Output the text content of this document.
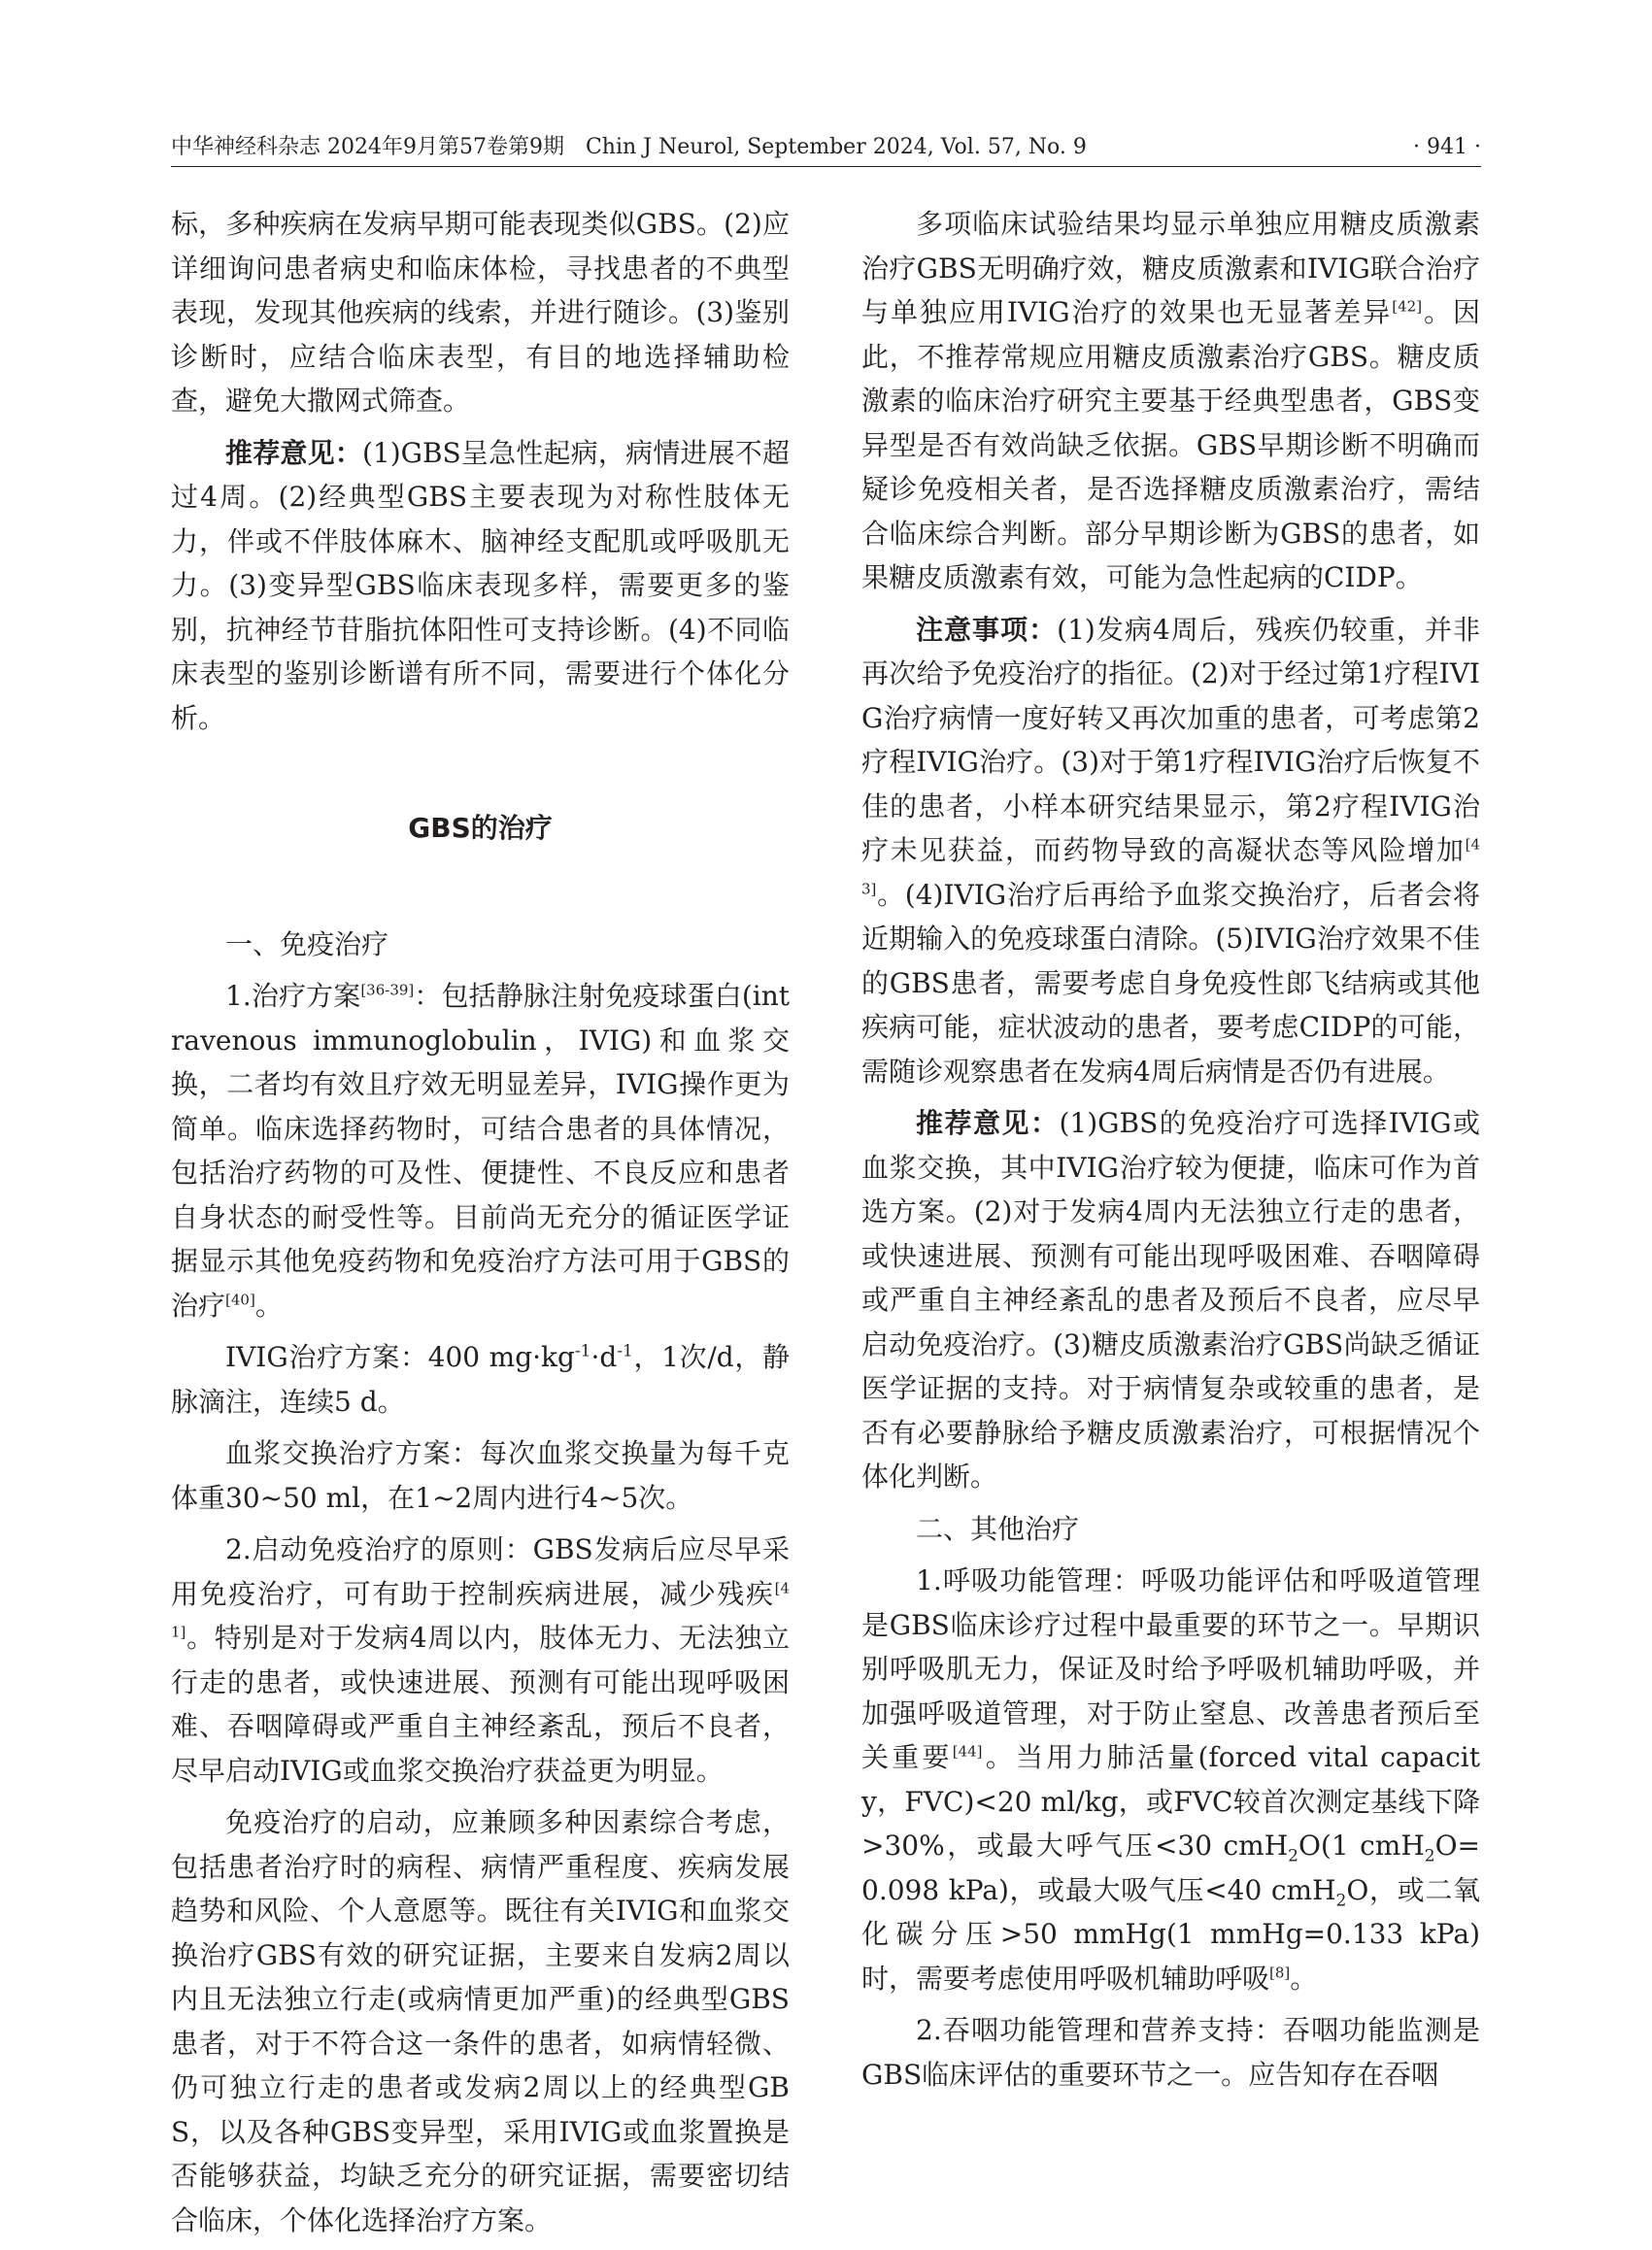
中华神经科杂志 2024年9月第57卷第9期　Chin J Neurol, September 2024, Vol. 57, No. 9	· 941 ·

标，多种疾病在发病早期可能表现类似GBS。(2)应详细询问患者病史和临床体检，寻找患者的不典型表现，发现其他疾病的线索，并进行随诊。(3)鉴别诊断时，应结合临床表型，有目的地选择辅助检查，避免大撒网式筛查。

推荐意见：(1)GBS呈急性起病，病情进展不超过4周。(2)经典型GBS主要表现为对称性肢体无力，伴或不伴肢体麻木、脑神经支配肌或呼吸肌无力。(3)变异型GBS临床表现多样，需要更多的鉴别，抗神经节苷脂抗体阳性可支持诊断。(4)不同临床表型的鉴别诊断谱有所不同，需要进行个体化分析。

GBS的治疗

一、免疫治疗

1.治疗方案[36-39]：包括静脉注射免疫球蛋白(intravenous immunoglobulin，IVIG)和血浆交换，二者均有效且疗效无明显差异，IVIG操作更为简单。临床选择药物时，可结合患者的具体情况，包括治疗药物的可及性、便捷性、不良反应和患者自身状态的耐受性等。目前尚无充分的循证医学证据显示其他免疫药物和免疫治疗方法可用于GBS的治疗[40]。

IVIG治疗方案：400 $mg\cdot kg^{-1}\cdot d^{-1}$，1次/d，静脉滴注，连续5 d。

血浆交换治疗方案：每次血浆交换量为每千克体重30~50 ml，在1~2周内进行4~5次。

2.启动免疫治疗的原则：GBS发病后应尽早采用免疫治疗，可有助于控制疾病进展，减少残疾[41]。特别是对于发病4周以内，肢体无力、无法独立行走的患者，或快速进展、预测有可能出现呼吸困难、吞咽障碍或严重自主神经紊乱，预后不良者，尽早启动IVIG或血浆交换治疗获益更为明显。

免疫治疗的启动，应兼顾多种因素综合考虑，包括患者治疗时的病程、病情严重程度、疾病发展趋势和风险、个人意愿等。既往有关IVIG和血浆交换治疗GBS有效的研究证据，主要来自发病2周以内且无法独立行走(或病情更加严重)的经典型GBS患者，对于不符合这一条件的患者，如病情轻微、仍可独立行走的患者或发病2周以上的经典型GBS，以及各种GBS变异型，采用IVIG或血浆置换是否能够获益，均缺乏充分的研究证据，需要密切结合临床，个体化选择治疗方案。

多项临床试验结果均显示单独应用糖皮质激素治疗GBS无明确疗效，糖皮质激素和IVIG联合治疗与单独应用IVIG治疗的效果也无显著差异[42]。因此，不推荐常规应用糖皮质激素治疗GBS。糖皮质激素的临床治疗研究主要基于经典型患者，GBS变异型是否有效尚缺乏依据。GBS早期诊断不明确而疑诊免疫相关者，是否选择糖皮质激素治疗，需结合临床综合判断。部分早期诊断为GBS的患者，如果糖皮质激素有效，可能为急性起病的CIDP。

注意事项：(1)发病4周后，残疾仍较重，并非再次给予免疫治疗的指征。(2)对于经过第1疗程IVIG治疗病情一度好转又再次加重的患者，可考虑第2疗程IVIG治疗。(3)对于第1疗程IVIG治疗后恢复不佳的患者，小样本研究结果显示，第2疗程IVIG治疗未见获益，而药物导致的高凝状态等风险增加[43]。(4)IVIG治疗后再给予血浆交换治疗，后者会将近期输入的免疫球蛋白清除。(5)IVIG治疗效果不佳的GBS患者，需要考虑自身免疫性郎飞结病或其他疾病可能，症状波动的患者，要考虑CIDP的可能，需随诊观察患者在发病4周后病情是否仍有进展。

推荐意见：(1)GBS的免疫治疗可选择IVIG或血浆交换，其中IVIG治疗较为便捷，临床可作为首选方案。(2)对于发病4周内无法独立行走的患者，或快速进展、预测有可能出现呼吸困难、吞咽障碍或严重自主神经紊乱的患者及预后不良者，应尽早启动免疫治疗。(3)糖皮质激素治疗GBS尚缺乏循证医学证据的支持。对于病情复杂或较重的患者，是否有必要静脉给予糖皮质激素治疗，可根据情况个体化判断。

二、其他治疗

1.呼吸功能管理：呼吸功能评估和呼吸道管理是GBS临床诊疗过程中最重要的环节之一。早期识别呼吸肌无力，保证及时给予呼吸机辅助呼吸，并加强呼吸道管理，对于防止窒息、改善患者预后至关重要[44]。当用力肺活量(forced vital capacity，FVC)<20 ml/kg，或FVC较首次测定基线下降>30%，或最大呼气压<30 cmH$_2$O(1 cmH$_2$O=0.098 kPa)，或最大吸气压<40 cmH$_2$O，或二氧化碳分压>50 mmHg(1 mmHg=0.133 kPa)时，需要考虑使用呼吸机辅助呼吸[8]。

2.吞咽功能管理和营养支持：吞咽功能监测是GBS临床评估的重要环节之一。应告知存在吞咽
